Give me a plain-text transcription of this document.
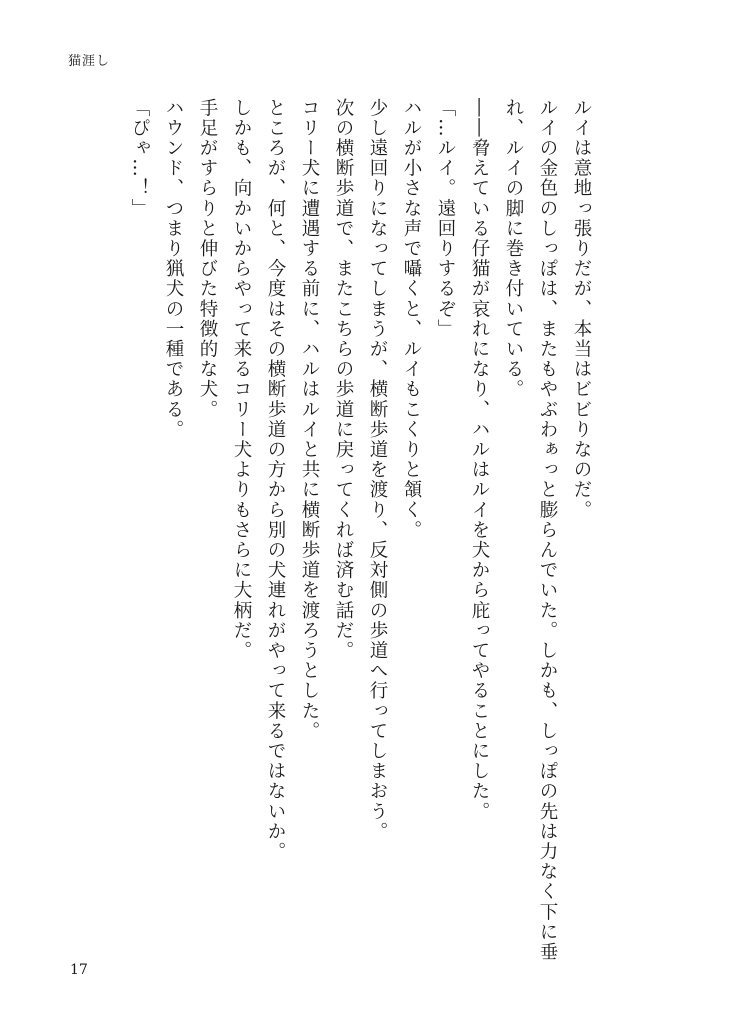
猫涯し

ルイは意地っ張りだが、本当はビビりなのだ。

ルイの金色のしっぽは、またもやぶわぁっと膨らんでいた。しかも、しっぽの先は力なく下に垂

れ、ルイの脚に巻き付いている。

――脅えている仔猫が哀れになり、ハルはルイを犬から庇ってやることにした。

「…ルイ。遠回りするぞ」

ハルが小さな声で囁くと、ルイもこくりと頷く。

少し遠回りになってしまうが、横断歩道を渡り、反対側の歩道へ行ってしまおう。

次の横断歩道で、またこちらの歩道に戻ってくれば済む話だ。

コリー犬に遭遇する前に、ハルはルイと共に横断歩道を渡ろうとした。

ところが、何と、今度はその横断歩道の方から別の犬連れがやって来るではないか。

しかも、向かいからやって来るコリー犬よりもさらに大柄だ。

手足がすらりと伸びた特徴的な犬。

ハウンド、つまり猟犬の一種である。

「ぴゃ…！」

17
